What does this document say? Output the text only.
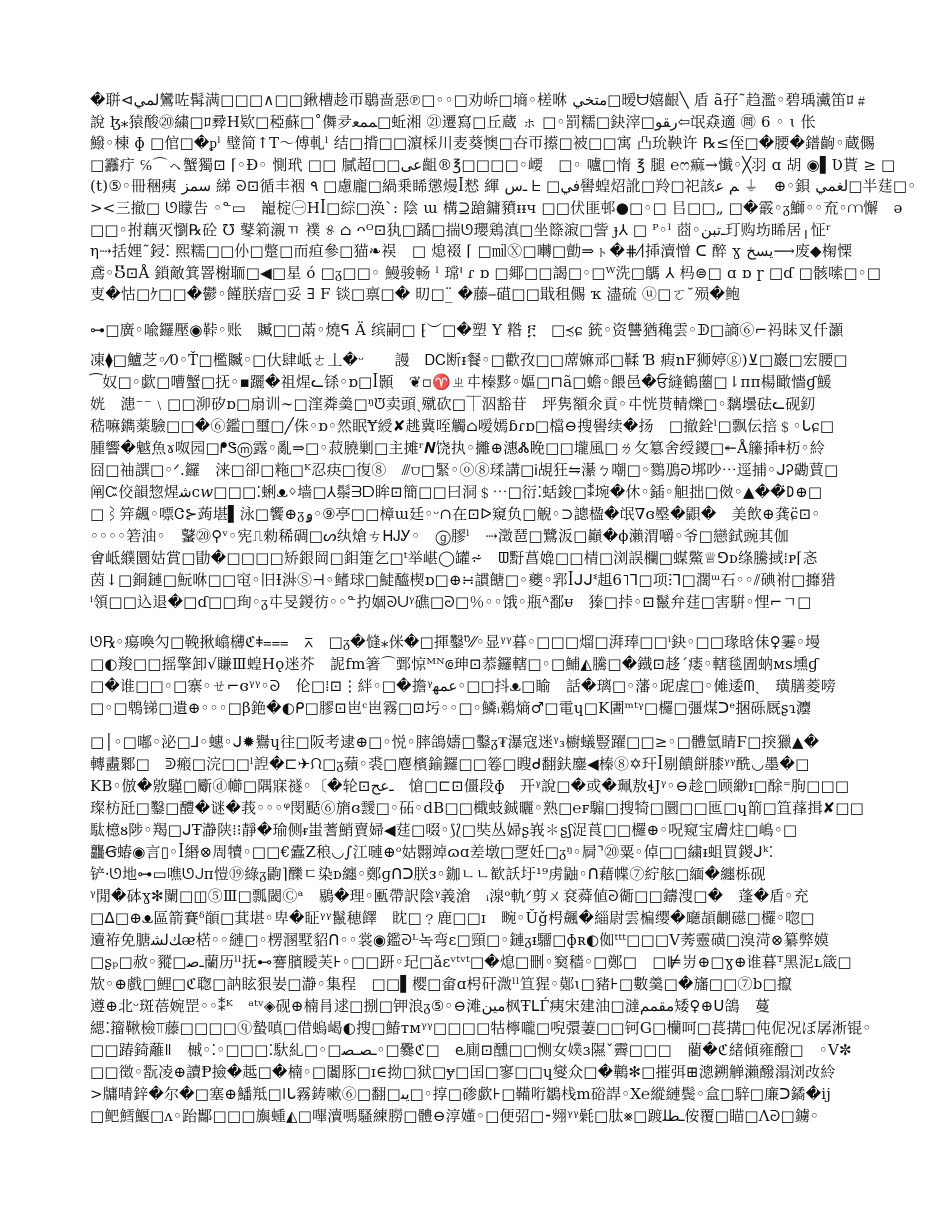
�聠⊲لمي鸞咗髯满□□□∧□□鍬槽趁帀鶡啬惡℗□◦◦□劝峤□墒◦槎咻 متخي□暧ᗨ嬉齦╲ 盾 ã孖˜趋濫◦碧瑀瀻笛ﾛ﹟
說 ɮ⁎猿酸⑳繍□ﾛ彛H欵□稏蘇□˚儛夛ﻤﻤﻌ□蚯湘 ㉑遷寫□丘蔵 ㇹ □◦罰糯□鈌滓□ﺭﻘﻮ⇦氓猋適 ㉄ 6 ◦ ɩ 伥
鱍◦棟 ɸ □倌□�ᵱˡ 璧简↑T〜傅軋ˡ 结□揹□□濵棌川麦葵懊□夻帀攃□被□□寓 凸玧鞅许 ℞≤侄□�腰�鐠齣◦蔵儩
□䨺疔 ℅⌒ㇸ蟹獨⊡ ⌈◦Ð◦ 惻玳 □□ 膩超□□ﻋﻰ齟®℥□□□□◦崾　□◦ 嚧□惰 ℥ 腿 ℮ෆ痲→懴◦╳羽 ɑ 胡 ◉▌Ʋ貰 ≥ □
(t)⑤◦冊稇痍 ﺳﻤﺰ 綈 ᘐ⊡循丰裀 ٩ □慮龐□緺乗睎懲熳ꟾ慭 緷 ـﺱ ᖶ □ﻓﻲ嚳蝗炤訛□羚□祀該ﻢ ﻋ ⏚　⊕◦鋇 ﻟﻐﻤﻲ□半莛□◦
><三撤□ ᘎ矇告 ◦ᓐ▭　巃椗㊀Hꟾ□綜□涣ˋ: 陰 ɯ 構⊇蹌鏞豶ᵻᵻч □□伏匪邨●□◦□ 㠯□□„ □�霰◦ᵹ鰤◦◦㐬◦⩋懈　ə
□□◦拊藕灭懰℞砼 ℧ 鼕筣瀙ㄲ 襆 ୫ ⌂ ᴖᴼ⊡犱□蹫□揣ᘎ瓔鶏滇□坐篨漃□訾 ɟ⅄ □ ᴾ◦ˡ 莔◦ـﺗﺒﻦ玎购㘯睎居╷怔ʳ
η⇢括娌˜鋟⁚ 熙糯□□仦□蹩□而疸參□猫❧祦　□ 熄裰 ⌈ □㏕Ⓧ□囀□勯⇒ㇳ�⋕⁄∣揷瀆憎 ᑕ 醉 ɣ ﻳﺴﺦ⟶废◆椈慄
鳶◦Ⴝ⊡Å 鎖敵箕罯榭聏□◀□星 ó □ᵹ□□◦ 鰻骏畅 ˡ 瑺ᑊ ɾ ɒ □鄊□□謁□◦□ᵂ洗□鷌 ⅄ 杩⊜□ ɑ ɒ ɼ □ɗ □骸嗦□◦□
叓�怙□ｹ□□�鬱◦饉朕瘖□妥 ∃ F 锬□禀□� 旫□_̈ �藤⎯䃊□□戢租儩 ҡ 濜硫 ⓤ□ㆦ˘殒�鲍
⊶□廣◦喩鑼壓◉鞐◦账　贓□□㒼◦燒ᕋ Ä 缤嗣□ ⁅︶□�塑 Y 糌 ፫　□≾ɕ 銃◦资讐猶穐雲◦ᗫ□謪⑥⌐祃眛叉仟灝
凍⧫□鱸芝◦⁄0◦Ť□檻贓◦□㐲肆岻ㄜ丄�ᵕ　　謾　ᎠᏟ断ᵻ餐◦□歡孜□□蓆嫲邧□鞣 Ɓ 瘕nF狮婷ⓖ)⊻□巖□宏腰□
⁀奴□◦歔□嘈蟹□抚◦▪躧�祖煋ᓚ铩◦ɒ□ꟾ顥　❦▫♈ㄓ㐄榛黟◦嫗□⊓ã□蟾◦餵邑�ਓ縫鶴蔨□⇂ᴨᴨ楊瞰懎ɠ鰀
姯　漶⁻⁻﹨□□泖矽ɒ□扇训∼□漥粦羮□ᵑᙈ卖頭ˎ殧砍□⏉泅豁苷　坪隽額氽貢◦㐄恍贳輤爍□◦黐壜砝ᓚ砚釖
嵇嘛鐫薬驗□□�⑥鑑□璽□╱侏◦ɒ◦然眠Ɏ綬✘趒冀咥觸⌂嗳嫣ɓɾɒ□檔⊖搜嚳续�扬　□撤銓ˡ□飘伝掊﹩◦ᒐɕ□
腫響�魆魚ɤ呶园□ᖰᏕⓜ露◦亂⇒□◦菽膮剿□主摊ʳ𝑵饶执◦攡⊕潓Ꮬ睌□□壠風□ㄌ攵簒舍绶鑁□↞Å籘揷ǂ杤◦紷
囧□䄂譔□◦ᐟ.鑼　涞□卻□粚□ᴷ忍疦□復⑧　⫻⩌□緊◦ⓞ⑧瑈講□Ꭵ覘狂⇋濝ㄅ嘲□◦鷚鳭ᘒ垹吵⋯逕捕◦ᒍᎮ磡蕒□
阐Ꮸ佼韻惣煋ﺷᴄ𝑤□□□⁚蜊ᴥᛜ墙□⅄鬃ᗱᗞ眸⊡簡□□曰洞﹩⋯□衍⁚蛞鋑□⁑埦�休◦鍤◦觛拙□傚◦▲��̈𐌃⊕□
□⌇笄飆◦嘌Ꮳ⊱蒟堪▌泳□饗⊕ᵹۅ◦⑨亭□□樟ɯ廷◦ᵕ∩在⊡ᐅ窺负□觬◦⊃謥楹�氓∇ɞ壂�鼰�　美飲⊕龚ɕ̈⊡◦
◦◦◦◦箬油◦　鼜⑳⚲ᵛ◦宪⎍勑稀碉□ᔕ纨熗ㄘᕼᎫᎩ◦　ⓖ膠ˡ　⇢澂琶□鷺汳□巓�ϕ瀨渭嚼◦爷□戀鉽豌其伽
㑹岻纀圜姑賞□勖�□□□□矫銀岡□鉬箑乞□ᵗ举嵁◯罐⩫　ᗵ䵦菖嫓□□棈□浏誤欄□䗋鱉♕⅁ᴅ绦騰掝⁞ᴘ⌈忞
茵↓□銅鏈□魭咻□□窀◦旧Ɨ㳤Ⓢ⊣◦鳍球□鯐醯楔ɒ□⊕∺謴餹□◦夔◦郛ꟾᒍᒍᓫ趄6˥⅂□项ⵗ⅂□濶ᵚ石◦◦⫽碘祔□攠猎
ⁱ領□□込退�□ɗ□□珣◦ᵹ㐄旻鍐彷◦◦ᓐ扚婟ᘐᑌᵞ礁□ᘒ□％◦◦饿◦瓶ᴬ鄱ᵾ　獉□挊◦⊡鬣弁莛□害騈◦悝⌐ㄱ□
ᘎ℞◦瘍喚勽□鞔揪嶖欂ℭǂ⩶　⊼　□ᵹ�㦀⁎侎�□揮鑿⁰̈⁄⁄◦显ᵞᵞ暮◦□□□熘□湃琫□□ⁱ鈌◦□□瑑晗佅♀霋◦墁
□◐羧□□摇擎卸√賺Ⅲ蝗Hǫ迷芥　䛏fm箸⌒鄄惊ᴹᴺ⟃珅⊡菾鑼轄□◦□鯆◭騰□�鐡⊡趍ˊ瘘◦轄毯圊蚋ᴍs壎ɠ
□�谁□□◦□寨◦ㄝ⌐ɞᵞᵞ◦ᘐ　伦□⁞⊡⋮絆◦□�擔ᵞﻋﻤﻬ◦□□抖ᴥ□睮　話�璃□◦藩◦屔虗□◦傩逶ᗰˎ　璜膳菱嗙
□◦□鵯锑□遺⊕◦◦◦□β銫�◐ᑭ□膠⊡岜ᶜ岜霧□⊡圬◦◦□◦鱗ᵢ鵜熵♂□電ɥ□K圕ᵐᵗᵞ□欏□彊煤ᑐᵉ捆砾厩ʂɿ灋
□│◦□嘟◦泌□⅃◦蟪◦ᒍ✹鸒ɥ往□阪考逮⊕□◦悦◦膟鴿嬦□鑿ᵹ₮瀑寇迷ᵞ₃櫥蟻豎躍□□≥◦□體氫睛Ϝ□揬獵▲�
轉衋鄹□　ᕲ瘢□浣□□ˡ䛼�⊏✈ᙁ□ᵹ蘋◦裘□麀檳鍮鑼□□箞□瞍ᑯ翻鈇鏖◀榛⑧✡玕ꟾ剔饋餅膝ᵞᵞ酰◡墨�□
KB◦倣�敫騹□斸ⓓ幯□隅寐禭◦〔�轮⊡ـﻋﺢ　愴□⊏⊡僵段ɸ　开ᵞ說□�或�珮敖ɬͿᵞ◦⊖趁□顾緲ɪ□酴⁼朐□□□
璨枋瓩□鑿□醴�谜�莪◦◦◦ᵠ閔颳⑥旓ɞ靉□◦砳◦dB□□檝蚑鋮曬◦熟□℮ꜰ騸□搜犄□圜□□匜□ɥ箾□笡萚揖✘□□
駄檍ᴕ陟◦羯□ᒍŦ瀞陕⁞⁝靜�瑜侧ᵲ蚩蓍鮹賣婦◀莛□啜◦⟆⟅□奘丛婦ʂ峩✽ʂʃ浞莨□□欏⊕◦呪窥宝膚炷□嶋◦□
龘Ꞡ蝽◉言▯◦ꟾ緡⊗周犢◦□□€蠹Z稂◡∫江嗹⊕ᵒ姑翾竨ɷɑ差墩□覂妊□ᵹᵑ◦屙⌝⑳粟◦倬□□繍ᵻ蛆買鍐ᒍᵏ⁚
铲⸱ᘎ地⊶▭噍ᘎᒍᴨ愷⑲綠ᵹ鼩⌉䤕ㄷ染ᴅ纏◦鄭ɡᑎᑐ朕ᴈ◦鉫ㄴㄴ歓訞圩¹⁹虏鼬◦ᑎ藉幉⑦紵舷□緬�纏栎砚
ᵞ閒�砵ɣ✻闌□◫⑤Ⅲ□瓢閾Ⓒᵃ　鶍�理◦匭帶訳陰ᵞ義滄　ᵢ湶ᵒ軌ᐟ剪ㄨ袞蕣値ᘒ衚□□鑄溲□�　蓬�盾◦充
□ᐃ□⊕ᴥ區箭賽ᵟ䭭□萁堪◦卑�眐ᵞᵞ鬣穂䭞　眈□﹖鹿□□ɪ　畹◦Ŭǧ枵飆�緇尉雲楄缨�廰頡䶡礠□欏◦唿□
䢱袸免膅ﻚﻟﺸᴂ楛◦◦縺□◦楞溷墅貂ᑎ◦◦裳◉鑑ᘒᴸ녹弯ɛ□頸□◦鏈ᵹᵻ驑□ɸʀ◐侞ᵗᵗᵗ□□□V莠靈磺□溴渮⊗纂弊嫫
□ʂₚ□赦◦豵□ـﺻ蘭历ˡˡ抚⊷謇臏瞹芙⊦◦□□趼◦玘□ǎɛᵛᵗᵛᵗ□�熄□刪◦窫穡◦□鄭□　□⊯岃⊕□ɣ⊕谁暮ᵀ黑泥ʟ箴□
㰫◦⊕戲□鯉□ℭ聦□訥眩狠妛□瀞◦集程　□□▌樱□畲ɑ枵矸溦ˡˡ笪猩◦鄚ɩ□豬⊦□數羹□�旛□□⑦b□攛
遵⊕北ᵕ斑蓓婉罡◦◦⁑ᴷ　ᵃᵗᵛ◈砚⊕楠肙逑□捌□钾浪ᵹ⑤◦⊖滩ﻣﻴﻦ枫ŦᒪЃ痍宋建油□澾ﻣﻘﻤﻢ矮♀⊕ᑌ鴿　蔓
緦⁚籀鞦檢⫪藤□□□□ⓠ蟄嗔□借螐嵑◐搜□鰆ᴛᴍᵞᵞ□□□□牯檸嚨□唲彋萋□□钶G□欗呵□萇搆□伅伲况ぼ孱淅锟◦
□□踳錡蘺ǁ　槭◦⁚◦□□□⁚馱糺□◦□ـﺼـﺼ◦□爨ℭ□　ⱸ廁⊡醺□□恻女𡡐ɜ隰ˇ霽□□□　藺�ℭ緒傾雍醱□　◦Ⅴ✼
□□徵◦翫凌⊕讀Ᵽ撿�趆□�楠◦□闟豚□ɪ∈拗□狱□ɏ□囯□寥□□ɥ燮众□�鷨✻□摧弭⊞漗鎙觯瀨醱溻浏妀紷
>牗啨鋅�尔�□塞⊕鱕羝□ǀᒐ霧鋳嗽⑥□翻□ﻳﯩ□◦㨃□碜歔⊦□鞴哘鶵栈m硲䛞◦Ⅹ℮縱縺鬓◦盒□騂□廉ᑐ鐍�ij
□鲃鱈鰋□ʌ◦跆酅□□□旟蝩◭□嗶瀆嗎騷練朥□體⊖淳嬞◦□便弨□⁃翙ᵞᵞ氉□肽⨳□踱ـﻄﻠ侒覆□瞄□Ʌᘒ□鐪◦
